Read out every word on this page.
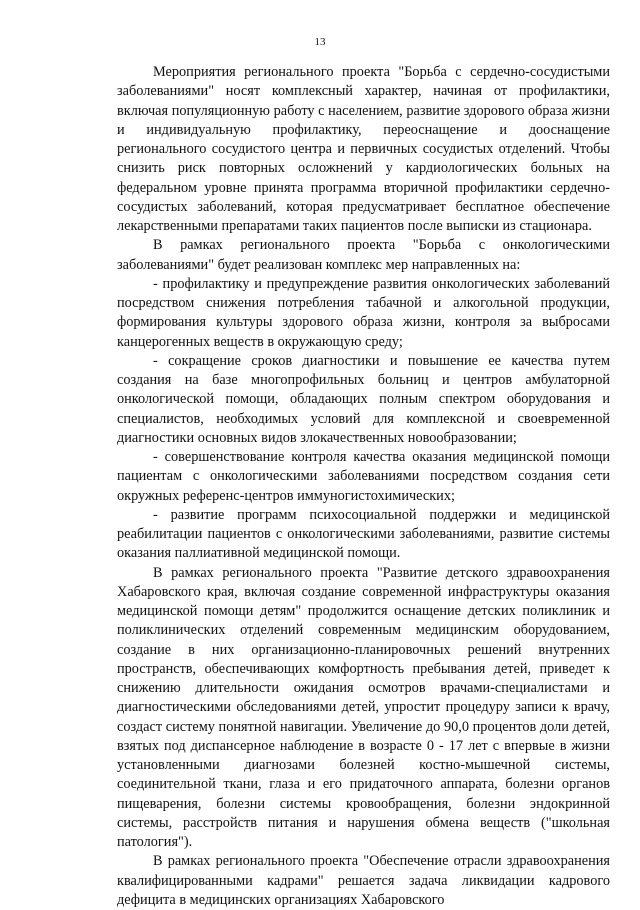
13

Мероприятия регионального проекта "Борьба с сердечно-сосудистыми заболеваниями" носят комплексный характер, начиная от профилактики, включая популяционную работу с населением, развитие здорового образа жизни и индивидуальную профилактику, переоснащение и дооснащение регионального сосудистого центра и первичных сосудистых отделений. Чтобы снизить риск повторных осложнений у кардиологических больных на федеральном уровне принята программа вторичной профилактики сердечно-сосудистых заболеваний, которая предусматривает бесплатное обеспечение лекарственными препаратами таких пациентов после выписки из стационара.

В рамках регионального проекта "Борьба с онкологическими заболеваниями" будет реализован комплекс мер направленных на:

- профилактику и предупреждение развития онкологических заболеваний посредством снижения потребления табачной и алкогольной продукции, формирования культуры здорового образа жизни, контроля за выбросами канцерогенных веществ в окружающую среду;

- сокращение сроков диагностики и повышение ее качества путем создания на базе многопрофильных больниц и центров амбулаторной онкологической помощи, обладающих полным спектром оборудования и специалистов, необходимых условий для комплексной и своевременной диагностики основных видов злокачественных новообразовании;

- совершенствование контроля качества оказания медицинской помощи пациентам с онкологическими заболеваниями посредством создания сети окружных референс-центров иммуногистохимических;

- развитие программ психосоциальной поддержки и медицинской реабилитации пациентов с онкологическими заболеваниями, развитие системы оказания паллиативной медицинской помощи.

В рамках регионального проекта "Развитие детского здравоохранения Хабаровского края, включая создание современной инфраструктуры оказания медицинской помощи детям" продолжится оснащение детских поликлиник и поликлинических отделений современным медицинским оборудованием, создание в них организационно-планировочных решений внутренних пространств, обеспечивающих комфортность пребывания детей, приведет к снижению длительности ожидания осмотров врачами-специалистами и диагностическими обследованиями детей, упростит процедуру записи к врачу, создаст систему понятной навигации. Увеличение до 90,0 процентов доли детей, взятых под диспансерное наблюдение в возрасте 0 - 17 лет с впервые в жизни установленными диагнозами болезней костно-мышечной системы, соединительной ткани, глаза и его придаточного аппарата, болезни органов пищеварения, болезни системы кровообращения, болезни эндокринной системы, расстройств питания и нарушения обмена веществ ("школьная патология").

В рамках регионального проекта "Обеспечение отрасли здравоохранения квалифицированными кадрами" решается задача ликвидации кадрового дефицита в медицинских организациях Хабаровского
